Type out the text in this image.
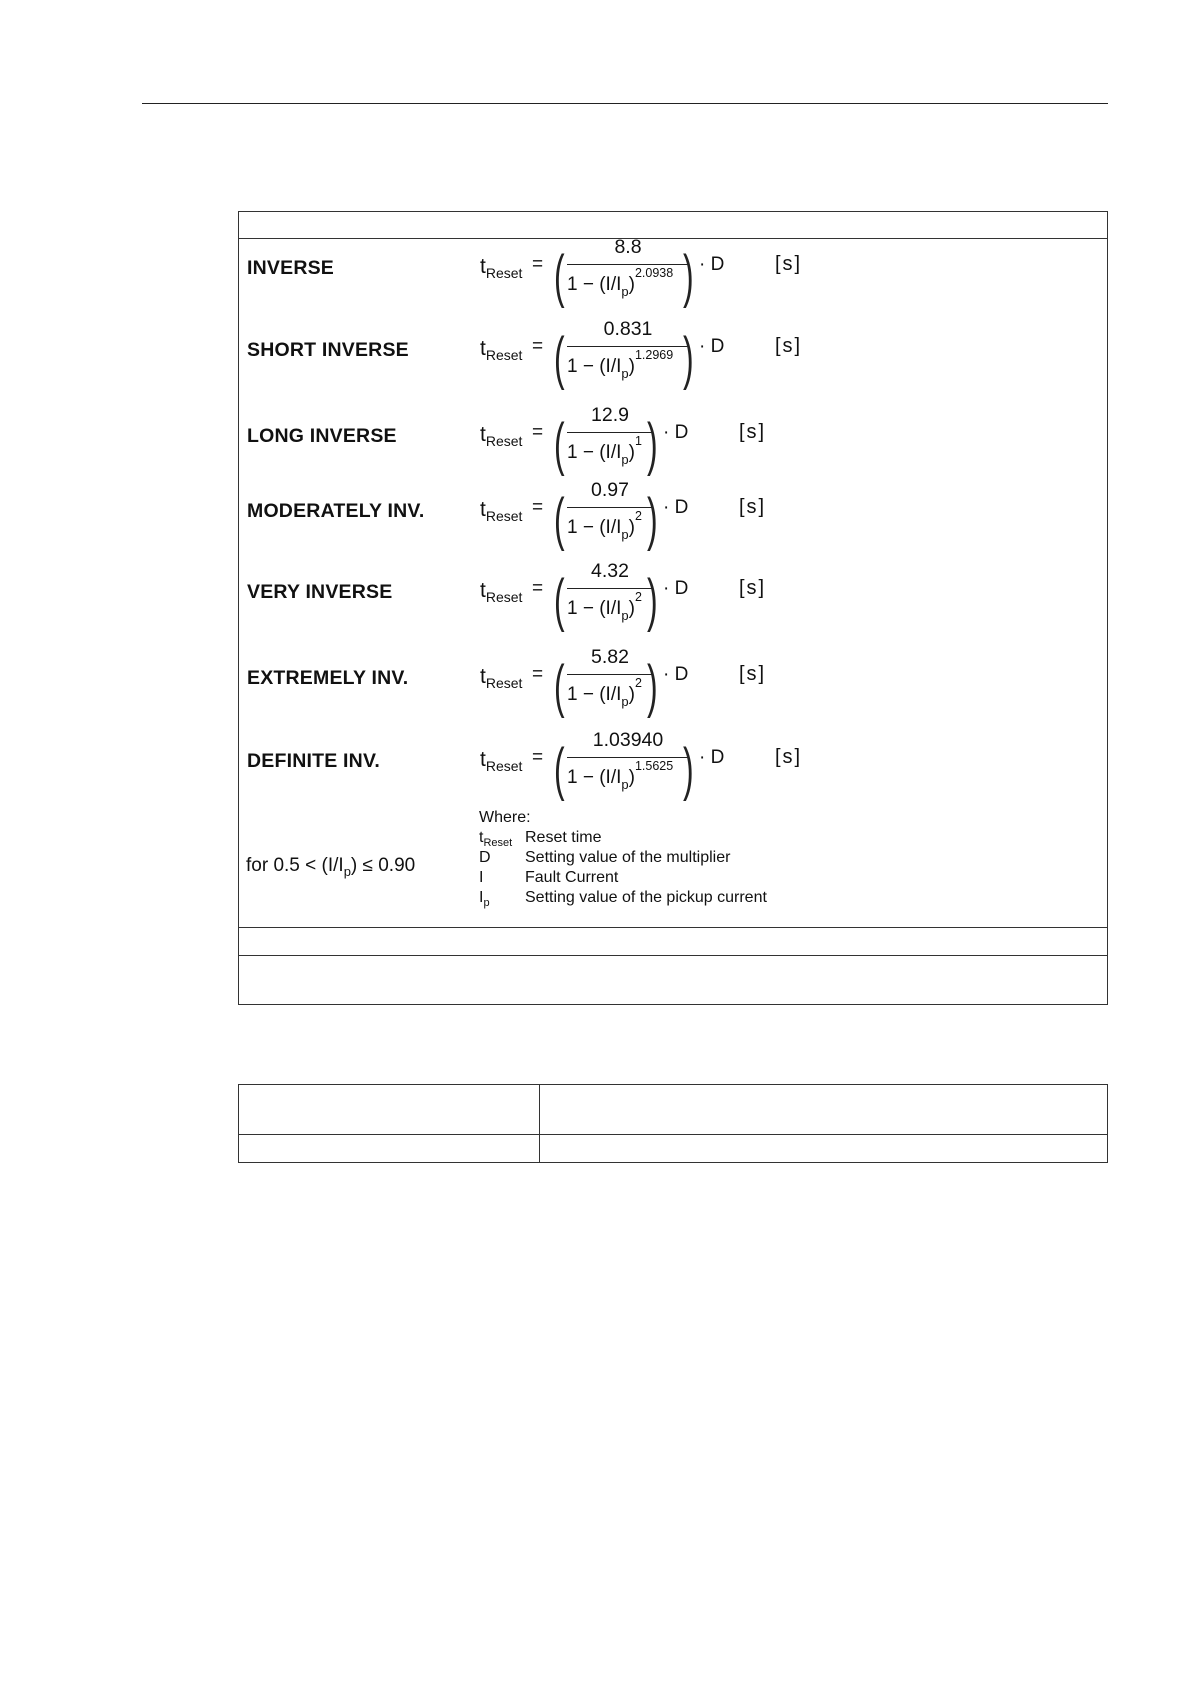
INVERSE	$t_{Reset}$ = (	8.8
$1 - (I/I_p)^{2.0938}$ ) · D	[s]
SHORT INVERSE	$t_{Reset}$ = (	0.831
$1 - (I/I_p)^{1.2969}$ ) · D	[s]
LONG INVERSE	$t_{Reset}$ = (	12.9
$1 - (I/I_p)^1$ ) · D	[s]
MODERATELY INV.	$t_{Reset}$ = (	0.97
$1 - (I/I_p)^2$ ) · D	[s]
VERY INVERSE	$t_{Reset}$ = (	4.32
$1 - (I/I_p)^2$ ) · D	[s]
EXTREMELY INV.	$t_{Reset}$ = (	5.82
$1 - (I/I_p)^2$ ) · D	[s]
DEFINITE INV.	$t_{Reset}$ = (	1.03940
$1 - (I/I_p)^{1.5625}$ ) · D	[s]
for $0.5 < (I/I_p) \le 0.90$
Where:
$t_{Reset}$ Reset time
D Setting value of the multiplier
I	Fault Current
$I_p$ Setting value of the pickup current
